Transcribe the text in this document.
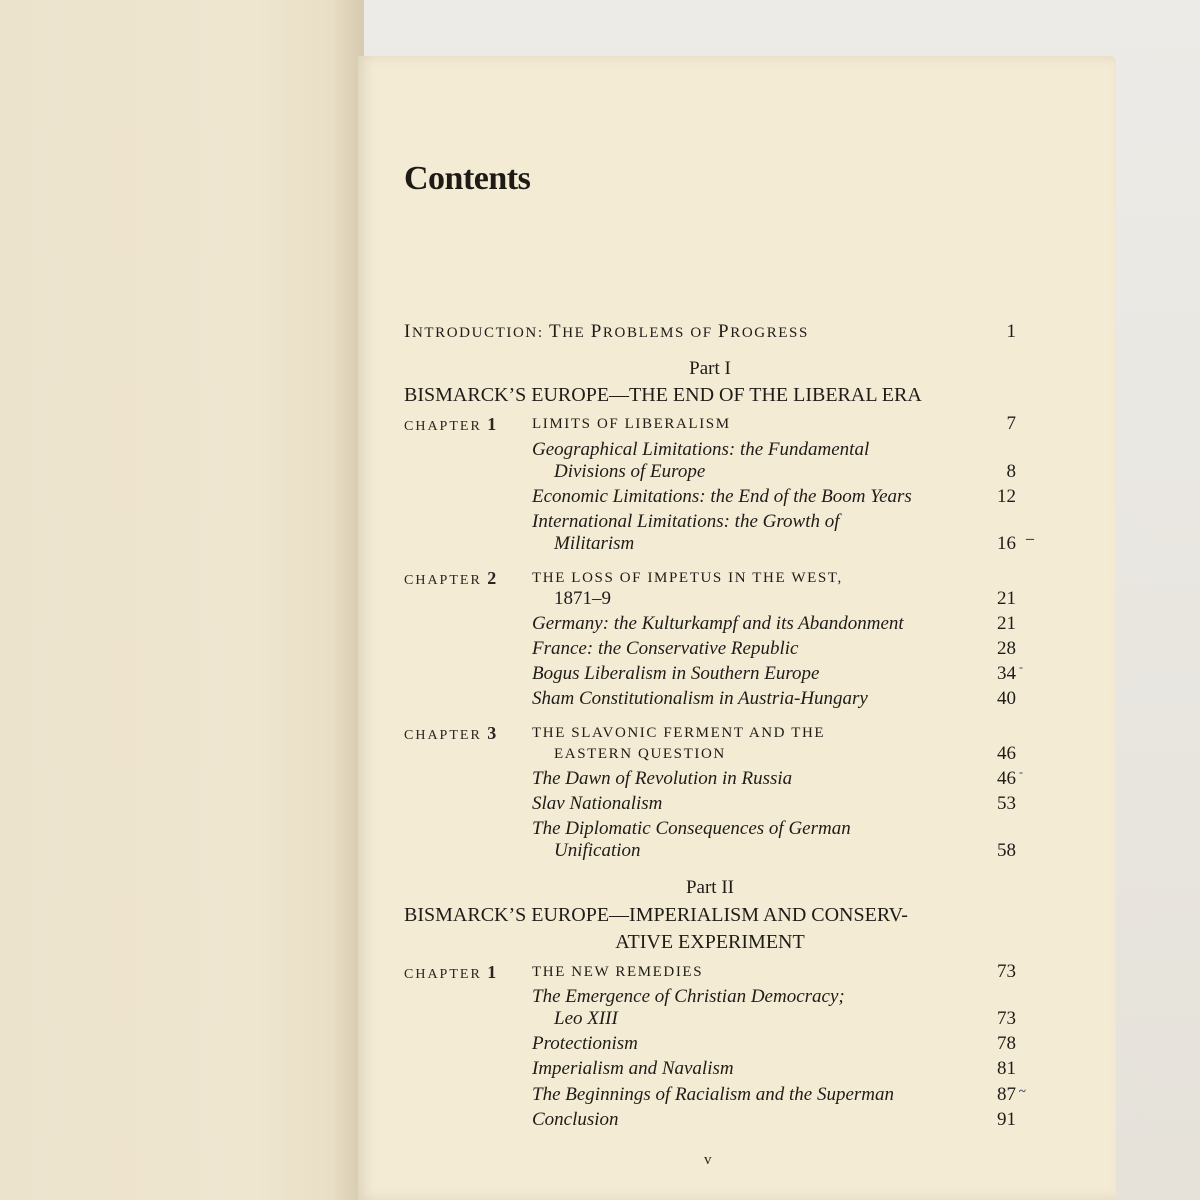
Contents
INTRODUCTION: THE PROBLEMS OF PROGRESS	1
Part I
BISMARCK’S EUROPE—THE END OF THE LIBERAL ERA
CHAPTER 1 LIMITS OF LIBERALISM	7
Geographical Limitations: the Fundamental
Divisions of Europe	8
Economic Limitations: the End of the Boom Years	12
International Limitations: the Growth of
Militarism	16
CHAPTER 2 THE LOSS OF IMPETUS IN THE WEST,
1871–9	21
Germany: the Kulturkampf and its Abandonment	21
France: the Conservative Republic	28
Bogus Liberalism in Southern Europe	34
Sham Constitutionalism in Austria-Hungary	40
CHAPTER 3 THE SLAVONIC FERMENT AND THE
EASTERN QUESTION	46
The Dawn of Revolution in Russia	46
Slav Nationalism	53
The Diplomatic Consequences of German
Unification	58
Part II
BISMARCK’S EUROPE—IMPERIALISM AND CONSERV-
ATIVE EXPERIMENT
CHAPTER 1 THE NEW REMEDIES	73
The Emergence of Christian Democracy;
Leo XIII	73
Protectionism	78
Imperialism and Navalism	81
The Beginnings of Racialism and the Superman	87
Conclusion	91
–
-
-
~
v
